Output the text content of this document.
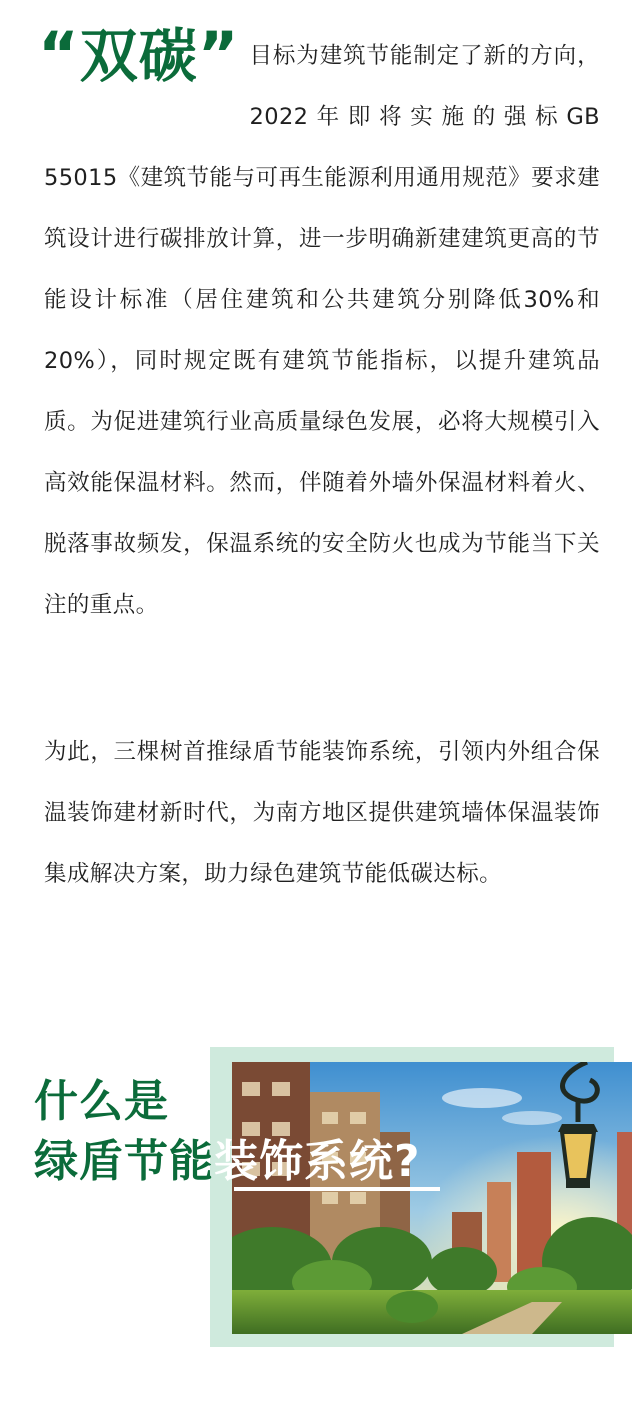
“双碳” 目标为建筑节能制定了新的方向，2022年即将实施的强标GB 55015《建筑节能与可再生能源利用通用规范》要求建筑设计进行碳排放计算，进一步明确新建建筑更高的节能设计标准（居住建筑和公共建筑分别降低30%和20%），同时规定既有建筑节能指标，以提升建筑品质。为促进建筑行业高质量绿色发展，必将大规模引入高效能保温材料。然而，伴随着外墙外保温材料着火、脱落事故频发，保温系统的安全防火也成为节能当下关注的重点。

为此，三棵树首推绿盾节能装饰系统，引领内外组合保温装饰建材新时代，为南方地区提供建筑墙体保温装饰集成解决方案，助力绿色建筑节能低碳达标。

什么是
绿盾节能装饰系统?
